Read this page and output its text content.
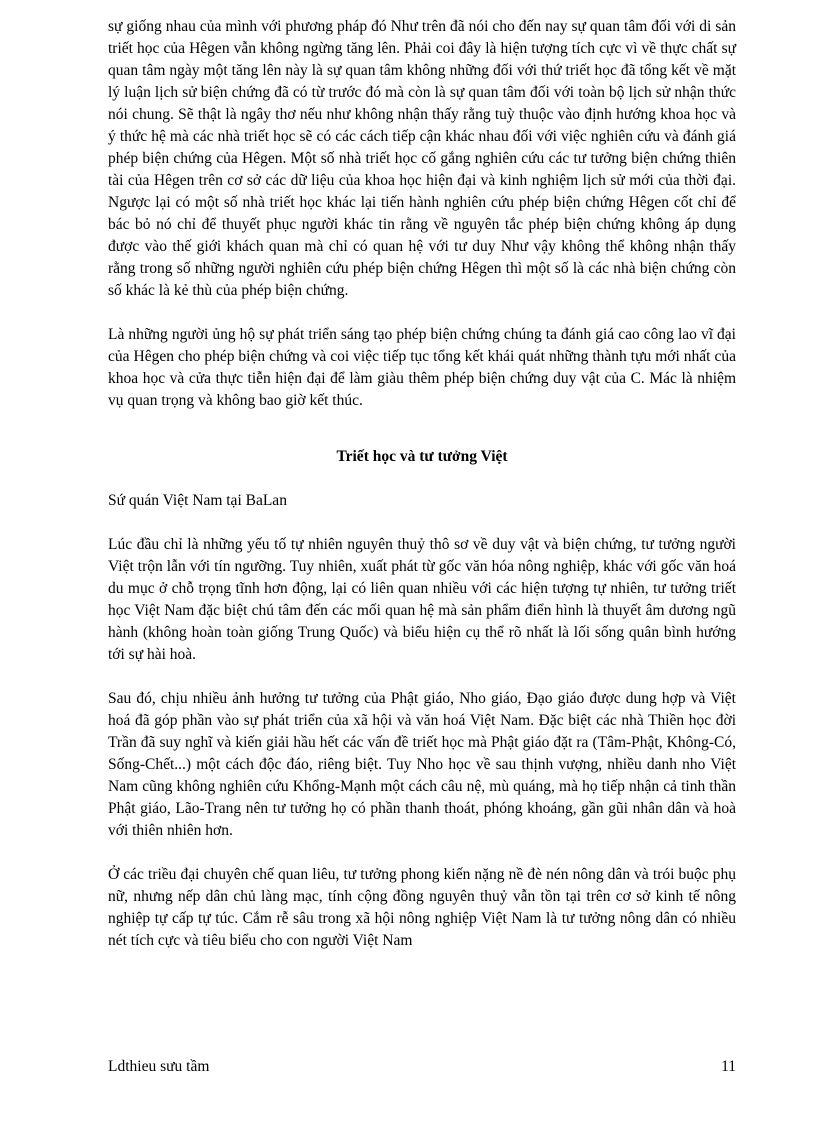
sự giống nhau của mình với phương pháp đó Như trên đã nói cho đến nay sự quan tâm đối với di sản triết học của Hêgen vẫn không ngừng tăng lên. Phải coi đây là hiện tượng tích cực vì về thực chất sự quan tâm ngày một tăng lên này là sự quan tâm không những đối với thứ triết học đã tổng kết về mặt lý luận lịch sử biện chứng đã có từ trước đó mà còn là sự quan tâm đối với toàn bộ lịch sử nhận thức nói chung. Sẽ thật là ngây thơ nếu như không nhận thấy rằng tuỳ thuộc vào định hướng khoa học và ý thức hệ mà các nhà triết học sẽ có các cách tiếp cận khác nhau đối với việc nghiên cứu và đánh giá phép biện chứng của Hêgen. Một số nhà triết học cố gắng nghiên cứu các tư tưởng biện chứng thiên tài của Hêgen trên cơ sở các dữ liệu của khoa học hiện đại và kinh nghiệm lịch sử mới của thời đại. Ngược lại có một số nhà triết học khác lại tiến hành nghiên cứu phép biện chứng Hêgen cốt chỉ để bác bỏ nó chỉ để thuyết phục người khác tin rằng về nguyên tắc phép biện chứng không áp dụng được vào thế giới khách quan mà chỉ có quan hệ với tư duy Như vậy không thể không nhận thấy rằng trong số những người nghiên cứu phép biện chứng Hêgen thì một số là các nhà biện chứng còn số khác là kẻ thù của phép biện chứng.

Là những người ủng hộ sự phát triển sáng tạo phép biện chứng chúng ta đánh giá cao công lao vĩ đại của Hêgen cho phép biện chứng và coi việc tiếp tục tổng kết khái quát những thành tựu mới nhất của khoa học và cửa thực tiễn hiện đại để làm giàu thêm phép biện chứng duy vật của C. Mác là nhiệm vụ quan trọng và không bao giờ kết thúc.

Triết học và tư tưởng Việt

Sứ quán Việt Nam tại BaLan

Lúc đầu chỉ là những yếu tố tự nhiên nguyên thuỷ thô sơ về duy vật và biện chứng, tư tưởng người Việt trộn lẫn với tín ngưỡng. Tuy nhiên, xuất phát từ gốc văn hóa nông nghiệp, khác với gốc văn hoá du mục ở chỗ trọng tĩnh hơn động, lại có liên quan nhiều với các hiện tượng tự nhiên, tư tưởng triết học Việt Nam đặc biệt chú tâm đến các mối quan hệ mà sản phẩm điển hình là thuyết âm dương ngũ hành (không hoàn toàn giống Trung Quốc) và biểu hiện cụ thể rõ nhất là lối sống quân bình hướng tới sự hài hoà.

Sau đó, chịu nhiều ảnh hưởng tư tưởng của Phật giáo, Nho giáo, Đạo giáo được dung hợp và Việt hoá đã góp phần vào sự phát triển của xã hội và văn hoá Việt Nam. Đặc biệt các nhà Thiền học đời Trần đã suy nghĩ và kiến giải hầu hết các vấn đề triết học mà Phật giáo đặt ra (Tâm-Phật, Không-Có, Sống-Chết...) một cách độc đáo, riêng biệt. Tuy Nho học về sau thịnh vượng, nhiều danh nho Việt Nam cũng không nghiên cứu Khổng-Mạnh một cách câu nệ, mù quáng, mà họ tiếp nhận cả tinh thần Phật giáo, Lão-Trang nên tư tưởng họ có phần thanh thoát, phóng khoáng, gần gũi nhân dân và hoà với thiên nhiên hơn.

Ở các triều đại chuyên chế quan liêu, tư tưởng phong kiến nặng nề đè nén nông dân và trói buộc phụ nữ, nhưng nếp dân chủ làng mạc, tính cộng đồng nguyên thuỷ vẫn tồn tại trên cơ sở kinh tế nông nghiệp tự cấp tự túc. Cắm rễ sâu trong xã hội nông nghiệp Việt Nam là tư tưởng nông dân có nhiều nét tích cực và tiêu biểu cho con người Việt Nam

Ldthieu sưu tầm	11
